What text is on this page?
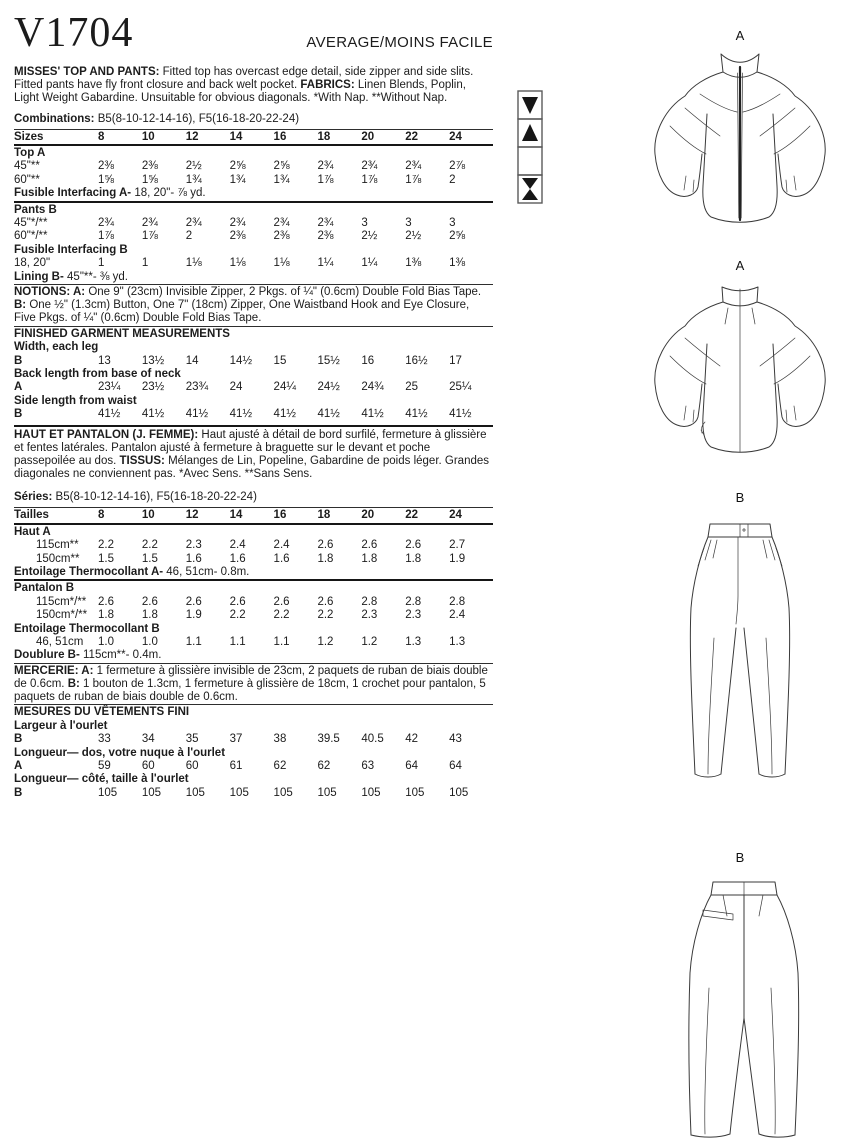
V1704	AVERAGE/MOINS FACILE

MISSES' TOP AND PANTS: Fitted top has overcast edge detail, side zipper and side slits. Fitted pants have fly front closure and back welt pocket. FABRICS: Linen Blends, Poplin, Light Weight Gabardine. Unsuitable for obvious diagonals. *With Nap. **Without Nap.

Combinations: B5(8-10-12-14-16), F5(16-18-20-22-24)

Sizes	8	10	12	14	16	18	20	22	24
Top A
45"**	2⅜	2⅜	2½	2⅝	2⅝	2¾	2¾	2¾	2⅞
60"**	1⅝	1⅝	1¾	1¾	1¾	1⅞	1⅞	1⅞	2
Fusible Interfacing A- 18, 20"- ⅞ yd.
Pants B
45"*/**	2¾	2¾	2¾	2¾	2¾	2¾	3	3	3
60"*/**	1⅞	1⅞	2	2⅜	2⅜	2⅜	2½	2½	2⅝
Fusible Interfacing B
18, 20"	1	1	1⅛	1⅛	1⅛	1¼	1¼	1⅜	1⅜
Lining B- 45"**- ⅜ yd.

NOTIONS: A: One 9" (23cm) Invisible Zipper, 2 Pkgs. of ¼" (0.6cm) Double Fold Bias Tape. B: One ½" (1.3cm) Button, One 7" (18cm) Zipper, One Waistband Hook and Eye Closure, Five Pkgs. of ¼" (0.6cm) Double Fold Bias Tape.

FINISHED GARMENT MEASUREMENTS
Width, each leg
B	13	13½	14	14½	15	15½	16	16½	17
Back length from base of neck
A	23¼	23½	23¾	24	24¼	24½	24¾	25	25¼
Side length from waist
B	41½	41½	41½	41½	41½	41½	41½	41½	41½

HAUT ET PANTALON (J. FEMME): Haut ajusté à détail de bord surfilé, fermeture à glissière et fentes latérales. Pantalon ajusté à fermeture à braguette sur le devant et poche passepoilée au dos. TISSUS: Mélanges de Lin, Popeline, Gabardine de poids léger. Grandes diagonales ne conviennent pas. *Avec Sens. **Sans Sens.

Séries: B5(8-10-12-14-16), F5(16-18-20-22-24)

Tailles	8	10	12	14	16	18	20	22	24
Haut A
115cm**	2.2	2.2	2.3	2.4	2.4	2.6	2.6	2.6	2.7
150cm**	1.5	1.5	1.6	1.6	1.6	1.8	1.8	1.8	1.9
Entoilage Thermocollant A- 46, 51cm- 0.8m.
Pantalon B
115cm*/**	2.6	2.6	2.6	2.6	2.6	2.6	2.8	2.8	2.8
150cm*/** 1.8	1.8	1.9	2.2	2.2	2.2	2.3	2.3	2.4
Entoilage Thermocollant B
46, 51cm	1.0	1.0	1.1	1.1	1.1	1.2	1.2	1.3	1.3
Doublure B- 115cm**- 0.4m.

MERCERIE: A: 1 fermeture à glissière invisible de 23cm, 2 paquets de ruban de biais double de 0.6cm. B: 1 bouton de 1.3cm, 1 fermeture à glissière de 18cm, 1 crochet pour pantalon, 5 paquets de ruban de biais double de 0.6cm.

MESURES DU VÊTEMENTS FINI
Largeur à l'ourlet
B	33	34	35	37	38	39.5	40.5	42	43
Longueur— dos, votre nuque à l'ourlet
A	59	60	60	61	62	62	63	64	64
Longueur— côté, taille à l'ourlet
B	105	105	105	105	105	105	105	105	105
A
A
B
B
